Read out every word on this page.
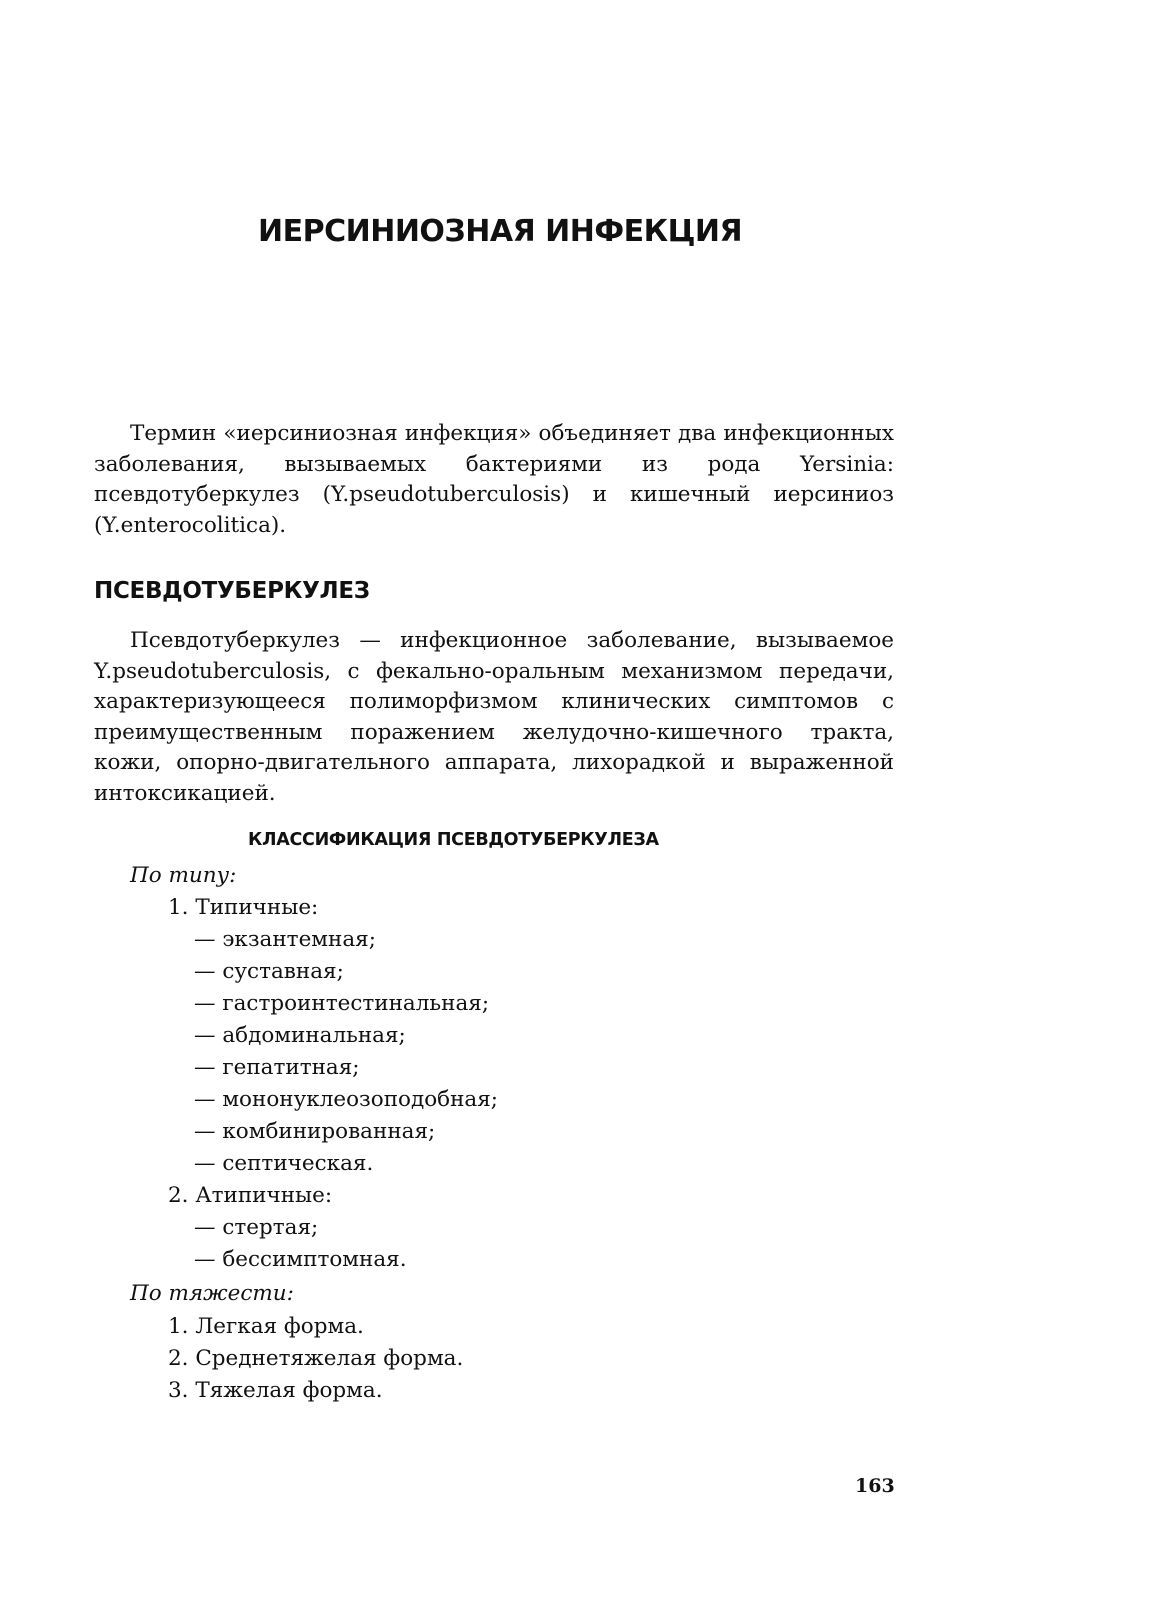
ИЕРСИНИОЗНАЯ ИНФЕКЦИЯ

Термин «иерсиниозная инфекция» объединяет два инфекционных заболевания, вызываемых бактериями из рода Yersinia: псевдотуберкулез (Y.pseudotuberculosis) и кишечный иерсиниоз (Y.enterocolitica).

ПСЕВДОТУБЕРКУЛЕЗ

Псевдотуберкулез — инфекционное заболевание, вызываемое Y.pseudotuberculosis, с фекально-оральным механизмом передачи, характеризующееся полиморфизмом клинических симптомов с преимущественным поражением желудочно-кишечного тракта, кожи, опорно-двигательного аппарата, лихорадкой и выраженной интоксикацией.

КЛАССИФИКАЦИЯ ПСЕВДОТУБЕРКУЛЕЗА
По типу:
1. Типичные:
— экзантемная;
— суставная;
— гастроинтестинальная;
— абдоминальная;
— гепатитная;
— мононуклеозоподобная;
— комбинированная;
— септическая.
2. Атипичные:
— стертая;
— бессимптомная.
По тяжести:
1. Легкая форма.
2. Среднетяжелая форма.
3. Тяжелая форма.
163
